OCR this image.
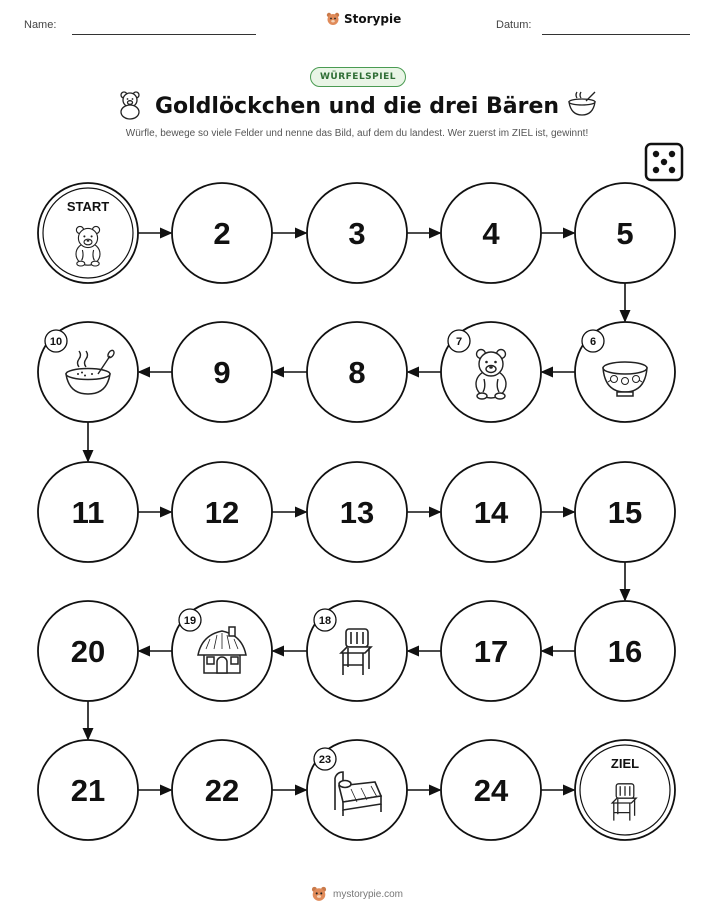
Name:	Storypie	Datum:
WÜRFELSPIEL
Goldlöckchen und die drei Bären
Würfle, bewege so viele Felder und nenne das Bild, auf dem du landest. Wer zuerst im ZIEL ist, gewinnt!
START
2	3	4	5
6
7
8
9
10
11	12	13	14	15
16
17
18
19
20
21	22
23
24
ZIEL
mystorypie.com
